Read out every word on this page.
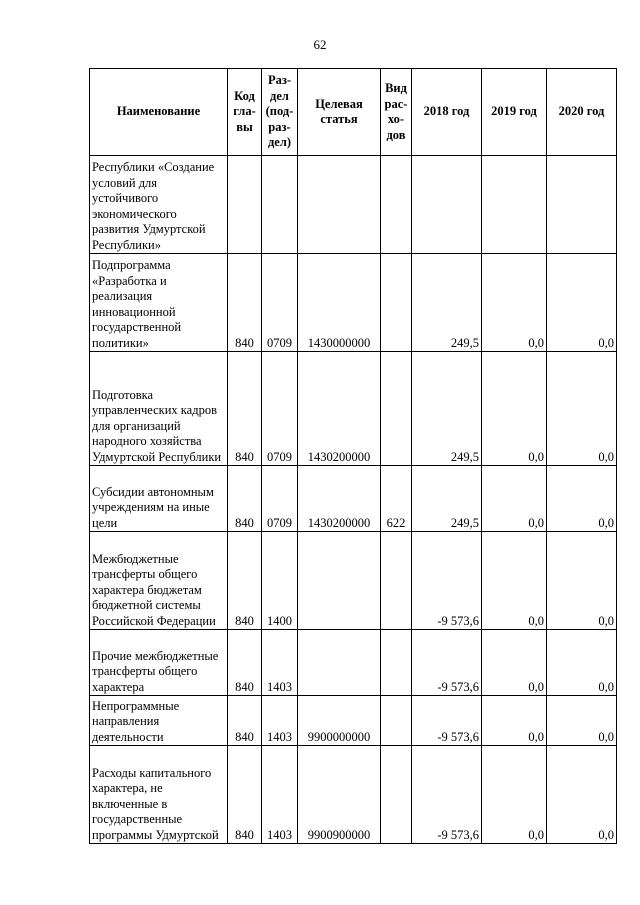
62
Наименование	Код
гла-
вы	Раз-
дел
(под-
раз-
дел)	Целевая
статья	Вид
рас-
хо-
дов	2018 год	2019 год	2020 год
Республики «Создание условий для устойчивого экономического развития Удмуртской Республики»							
Подпрограмма «Разработка и реализация инновационной государственной политики»	840	0709	1430000000		249,5	0,0	0,0
Подготовка управленческих кадров для организаций народного хозяйства Удмуртской Республики	840	0709	1430200000		249,5	0,0	0,0
Субсидии автономным учреждениям на иные цели	840	0709	1430200000	622	249,5	0,0	0,0
Межбюджетные трансферты общего характера бюджетам бюджетной системы Российской Федерации	840	1400			-9 573,6	0,0	0,0
Прочие межбюджетные трансферты общего характера	840	1403			-9 573,6	0,0	0,0
Непрограммные направления деятельности	840	1403	9900000000		-9 573,6	0,0	0,0
Расходы капитального характера, не включенные в государственные программы Удмуртской	840	1403	9900900000		-9 573,6	0,0	0,0
